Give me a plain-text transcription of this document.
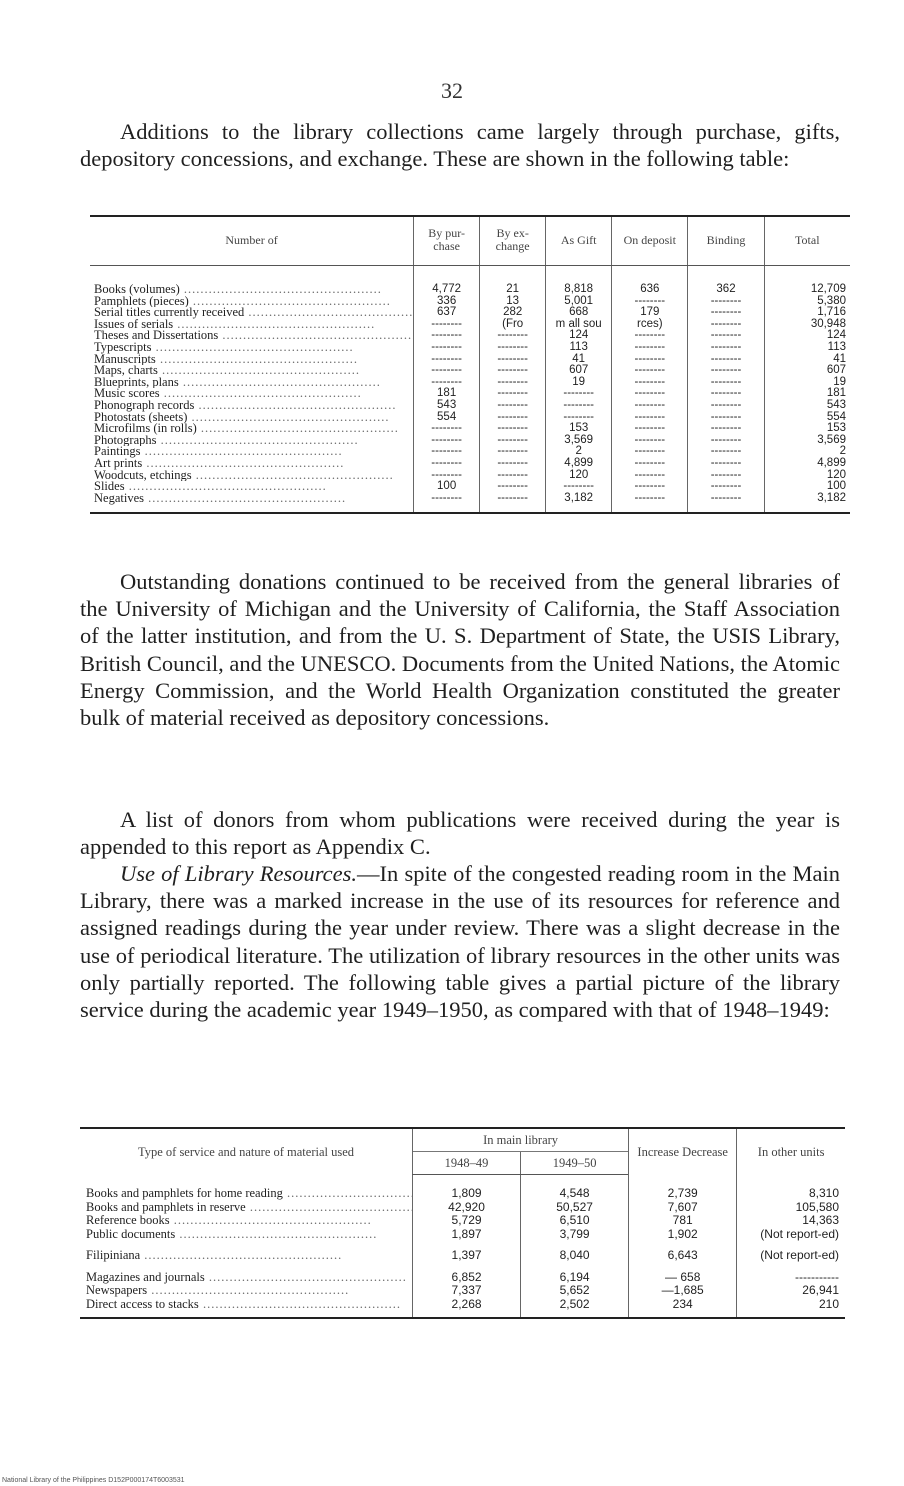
32

Additions to the library collections came largely through purchase, gifts, depository concessions, and exchange. These are shown in the following table:

Number of	By pur-chase	By ex-change	As Gift	On deposit	Binding	Total
Books (volumes) .....	4,772	21	8,818	636	362	12,709
Pamphlets (pieces) .....	336	13	5,001	--------	--------	5,380
Serial titles currently received .....	637	282	668	179	--------	1,716
Issues of serials .....	--------	(Fro	m all sou	rces)	--------	30,948
Theses and Dissertations .....	--------	--------	124	--------	--------	124
Typescripts .....	--------	--------	113	--------	--------	113
Manuscripts .....	--------	--------	41	--------	--------	41
Maps, charts .....	--------	--------	607	--------	--------	607
Blueprints, plans .....	--------	--------	19	--------	--------	19
Music scores .....	181	--------	--------	--------	--------	181
Phonograph records .....	543	--------	--------	--------	--------	543
Photostats (sheets) .....	554	--------	--------	--------	--------	554
Microfilms (in rolls) .....	--------	--------	153	--------	--------	153
Photographs .....	--------	--------	3,569	--------	--------	3,569
Paintings .....	--------	--------	2	--------	--------	2
Art prints .....	--------	--------	4,899	--------	--------	4,899
Woodcuts, etchings .....	--------	--------	120	--------	--------	120
Slides .....	100	--------	--------	--------	--------	100
Negatives .....	--------	--------	3,182	--------	--------	3,182

Outstanding donations continued to be received from the general libraries of the University of Michigan and the University of California, the Staff Association of the latter institution, and from the U. S. Department of State, the USIS Library, British Council, and the UNESCO. Documents from the United Nations, the Atomic Energy Commission, and the World Health Organization constituted the greater bulk of material received as depository concessions.

A list of donors from whom publications were received during the year is appended to this report as Appendix C.

Use of Library Resources.—In spite of the congested reading room in the Main Library, there was a marked increase in the use of its resources for reference and assigned readings during the year under review. There was a slight decrease in the use of periodical literature. The utilization of library resources in the other units was only partially reported. The following table gives a partial picture of the library service during the academic year 1949–1950, as compared with that of 1948–1949:

Type of service and nature of material used	In main library		Increase Decrease	In other units
	1948–49	1949–50		
Books and pamphlets for home reading .....	1,809	4,548	2,739	8,310
Books and pamphlets in reserve .....	42,920	50,527	7,607	105,580
Reference books .....	5,729	6,510	781	14,363
Public documents .....	1,897	3,799	1,902	(Not report-ed)
Filipiniana .....	1,397	8,040	6,643	(Not report-ed)
Magazines and journals .....	6,852	6,194	— 658	-----------
Newspapers .....	7,337	5,652	—1,685	26,941
Direct access to stacks .....	2,268	2,502	234	210
National Library of the Philippines D152P000174T6003531
